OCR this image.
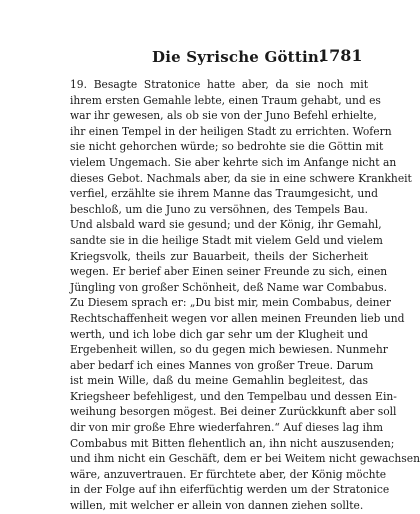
Die Syrische Göttin.
1781
19. Besagte Stratonice hatte aber, da sie noch mit
ihrem ersten Gemahle lebte, einen Traum gehabt, und es
war ihr gewesen, als ob sie von der Juno Befehl erhielte,
ihr einen Tempel in der heiligen Stadt zu errichten. Wofern
sie nicht gehorchen würde; so bedrohte sie die Göttin mit
vielem Ungemach. Sie aber kehrte sich im Anfange nicht an
dieses Gebot. Nachmals aber, da sie in eine schwere Krankheit
verfiel, erzählte sie ihrem Manne das Traumgesicht, und
beschloß, um die Juno zu versöhnen, des Tempels Bau.
Und alsbald ward sie gesund; und der König, ihr Gemahl,
sandte sie in die heilige Stadt mit vielem Geld und vielem
Kriegsvolk, theils zur Bauarbeit, theils der Sicherheit
wegen. Er berief aber Einen seiner Freunde zu sich, einen
Jüngling von großer Schönheit, deß Name war Combabus.
Zu Diesem sprach er: „Du bist mir, mein Combabus, deiner
Rechtschaffenheit wegen vor allen meinen Freunden lieb und
werth, und ich lobe dich gar sehr um der Klugheit und
Ergebenheit willen, so du gegen mich bewiesen. Nunmehr
aber bedarf ich eines Mannes von großer Treue. Darum
ist mein Wille, daß du meine Gemahlin begleitest, das
Kriegsheer befehligest, und den Tempelbau und dessen Ein-
weihung besorgen mögest. Bei deiner Zurückkunft aber soll
dir von mir große Ehre wiederfahren.“ Auf dieses lag ihm
Combabus mit Bitten flehentlich an, ihn nicht auszusenden;
und ihm nicht ein Geschäft, dem er bei Weitem nicht gewachsen
wäre, anzuvertrauen. Er fürchtete aber, der König möchte
in der Folge auf ihn eiferfüchtig werden um der Stratonice
willen, mit welcher er allein von dannen ziehen sollte.
